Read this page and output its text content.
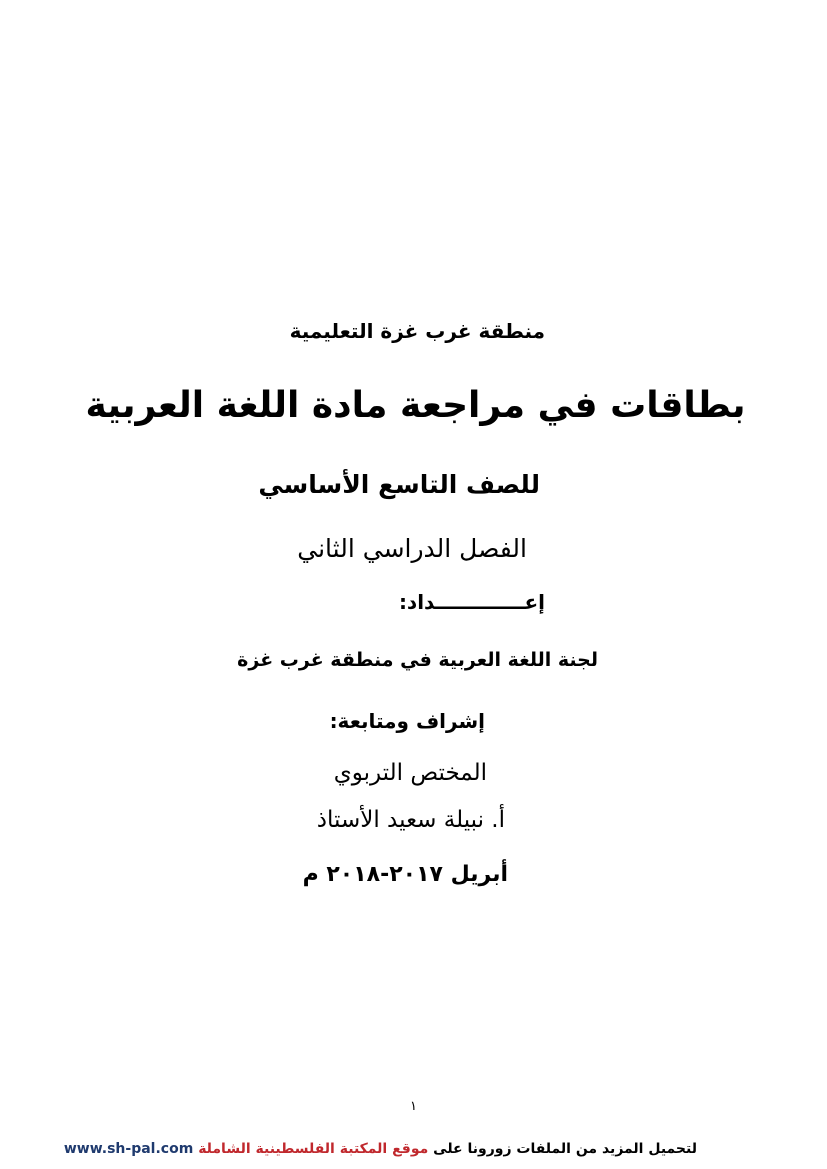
منطقة غرب غزة التعليمية
بطاقات في مراجعة مادة اللغة العربية
للصف التاسع الأساسي
الفصل الدراسي الثاني
إعـــــــــــــداد:
لجنة اللغة العربية في منطقة غرب غزة
إشراف ومتابعة:
المختص التربوي
أ. نبيلة سعيد الأستاذ
أبريل ٢٠١٧-٢٠١٨ م
١
لتحميل المزيد من الملفات زورونا على موقع المكتبة الفلسطينية الشاملة www.sh-pal.com
